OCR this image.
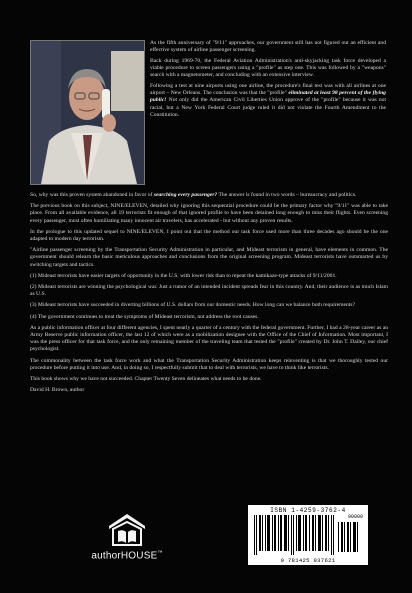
As the fifth anniversary of "9/11" approaches, our government still has not figured out an efficient and effective system of airline passenger screening.

Back during 1969-70, the Federal Aviation Administration's anti-skyjacking task force developed a viable procedure to screen passengers using a "profile" as step one. This was followed by a "weapons" search with a magnetometer, and concluding with an extensive interview.

Following a test at nine airports using one airline, the procedure's final test was with all airlines at one airport – New Orleans. The conclusion was that the "profile" eliminated at least 98 percent of the flying public! Not only did the American Civil Liberties Union approve of the "profile" because it was not racial, but a New York Federal Court judge ruled it did not violate the Fourth Amendment to the Constitution.

So, why was this proven system abandoned in favor of searching every passenger? The answer is found in two words – bureaucracy and politics.

The previous book on this subject, NINE/ELEVEN, detailed why ignoring this sequential procedure could be the primary factor why "9/11" was able to take place. From all available evidence, all 19 terrorists fit enough of that ignored profile to have been detained long enough to miss their flights. Even screening every passenger, most often humiliating many innocent air travelers, has accelerated - but without any proven results.

In the prologue to this updated sequel to NINE/ELEVEN, I point out that the method our task force used more than three decades ago should be the one adapted to modern day terrorism.

"Airline passenger screening by the Transportation Security Administration in particular, and Mideast terrorism in general, have elements in common. The government should relearn the basic meticulous approaches and conclusions from the original screening program. Mideast terrorists have outsmarted us by switching targets and tactics.

(1) Mideast terrorists have easier targets of opportunity in the U.S. with lower risk than to repeat the kamikaze-type attacks of 9/11/2001.

(2) Mideast terrorists are winning the psychological war. Just a rumor of an intended incident spreads fear in this country. And, their audience is as much Islam as U.S.

(3) Mideast terrorists have succeeded in diverting billions of U.S. dollars from our domestic needs. How long can we balance both requirements?

(4) The government continues to treat the symptoms of Mideast terrorism, not address the root causes.

As a public information officer at four different agencies, I spent nearly a quarter of a century with the federal government. Further, I had a 28-year career as an Army Reserve public information officer, the last 12 of which were as a mobilization designee with the Office of the Chief of Information. Most important, I was the press officer for that task force, and the only remaining member of the traveling team that tested the "profile" created by Dr. John T. Dailey, our chief psychologist.

The commonality between the task force work and what the Transportation Security Administration keeps reinventing is that we thoroughly tested our procedure before putting it into use. And, in doing so, I respectfully submit that to deal with terrorists, we have to think like terrorists.

This book shows why we have not succeeded. Chapter Twenty Seven delineates what needs to be done.

David H. Brown, author

authorHOUSE™
ISBN 1-4259-3762-4
90000
9 781425 937621
